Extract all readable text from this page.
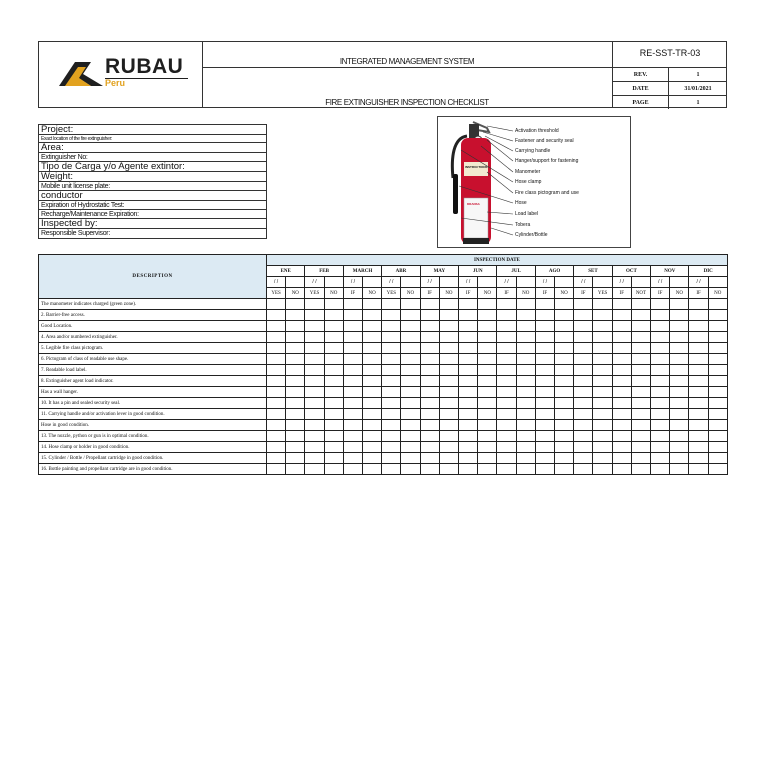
RUBAU
Peru
INTEGRATED MANAGEMENT SYSTEM
FIRE EXTINGUISHER INSPECTION CHECKLIST
RE-SST-TR-03
REV.	1
DATE	31/01/2021
PAGE	1
Project:
Exact location of the fire extinguisher:
Area:
Extinguisher No:
Tipo de Carga y/o Agente extintor:
Weight:
Mobile unit license plate:
conductor
Expiration of Hydrostatic Test:
Recharge/Maintenance Expiration:
Inspected by:
Responsible Supervisor:
INSTRUCTIONS
DRANSA
Activation threshold
Fastener and security seal
Carrying handle
Hanger/support for fastening
Manometer
Hose clamp
Fire class pictogram and use
Hose
Load label
Tobera
Cylinder/Bottle
DESCRIPTION	INSPECTION DATE																							
	ENE		FEB		MARCH		ABR		MAY		JUN		JUL		AGO		SET		OCT		NOV		DIC	
	/ /		/ /		/ /		/ /		/ /		/ /		/ /		/ /		/ /		/ /		/ /		/ /	
	YES	NO	YES	NO	IF	NO	YES	NO	IF	NO	IF	NO	IF	NO	IF	NO	IF	YES	IF	NOT	IF	NO	IF	NO
The manometer indicates charged (green zone).																								
2. Barrier-free access.																								
Good Location.																								
4. Area and/or numbered extinguisher.																								
5. Legible fire class pictogram.																								
6. Pictogram of class of readable use shape.																								
7. Readable load label.																								
8. Extinguisher agent load indicator.																								
Has a wall hanger.																								
10. It has a pin and sealed security seal.																								
11. Carrying handle and/or activation lever in good condition.																								
Hose in good condition.																								
13. The nozzle, python or gun is in optimal condition.																								
14. Hose clamp or holder in good condition.																								
15. Cylinder / Bottle / Propellant cartridge in good condition.																								
16. Bottle painting and propellant cartridge are in good condition.																								
